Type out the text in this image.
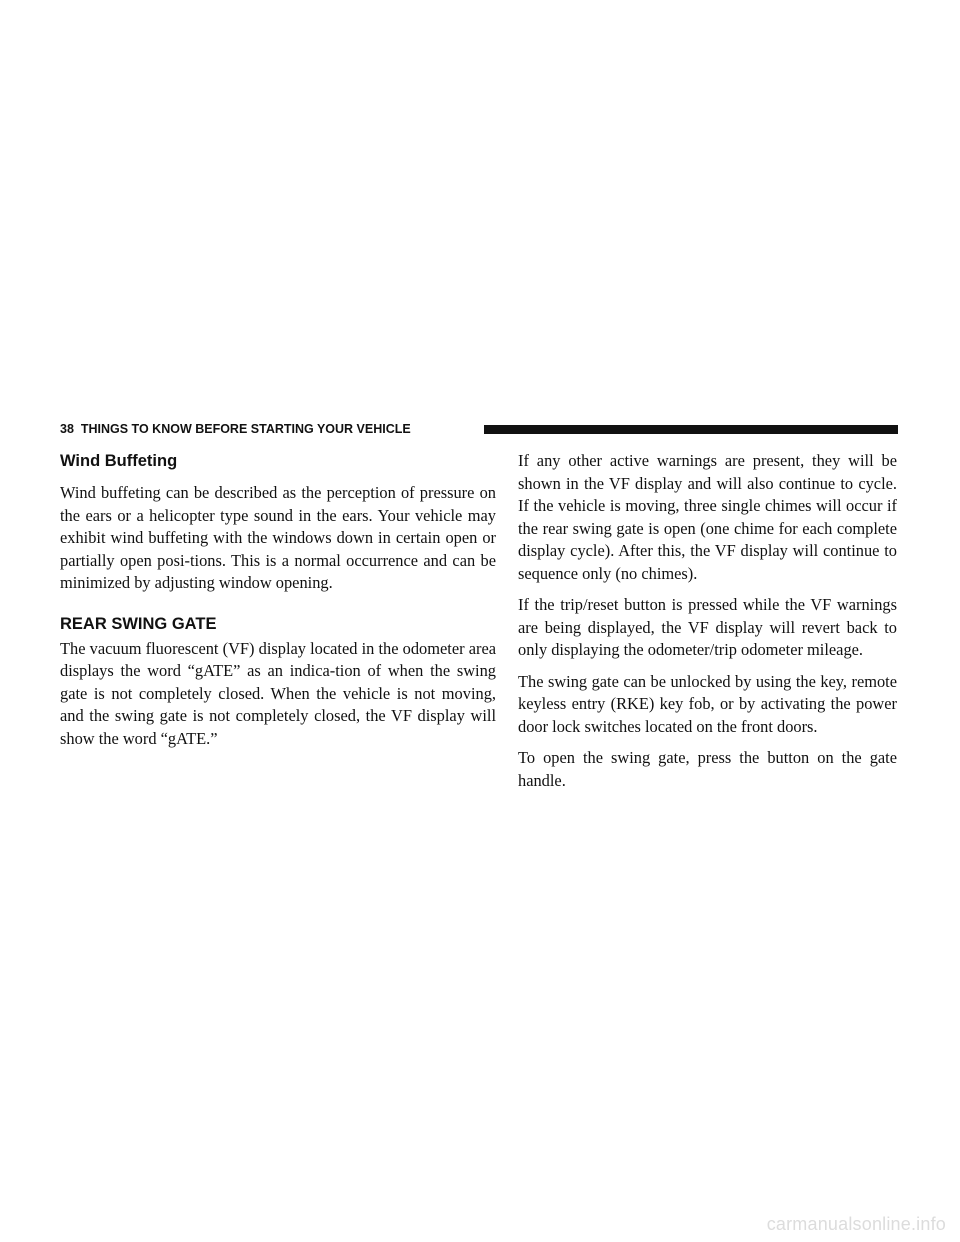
38 THINGS TO KNOW BEFORE STARTING YOUR VEHICLE
Wind Buffeting

Wind buffeting can be described as the perception of pressure on the ears or a helicopter type sound in the ears. Your vehicle may exhibit wind buffeting with the windows down in certain open or partially open posi-tions. This is a normal occurrence and can be minimized by adjusting window opening.

REAR SWING GATE

The vacuum fluorescent (VF) display located in the odometer area displays the word “gATE” as an indica-tion of when the swing gate is not completely closed. When the vehicle is not moving, and the swing gate is not completely closed, the VF display will show the word “gATE.”

If any other active warnings are present, they will be shown in the VF display and will also continue to cycle. If the vehicle is moving, three single chimes will occur if the rear swing gate is open (one chime for each complete display cycle). After this, the VF display will continue to sequence only (no chimes).

If the trip/reset button is pressed while the VF warnings are being displayed, the VF display will revert back to only displaying the odometer/trip odometer mileage.

The swing gate can be unlocked by using the key, remote keyless entry (RKE) key fob, or by activating the power door lock switches located on the front doors.

To open the swing gate, press the button on the gate handle.

carmanualsonline.info
